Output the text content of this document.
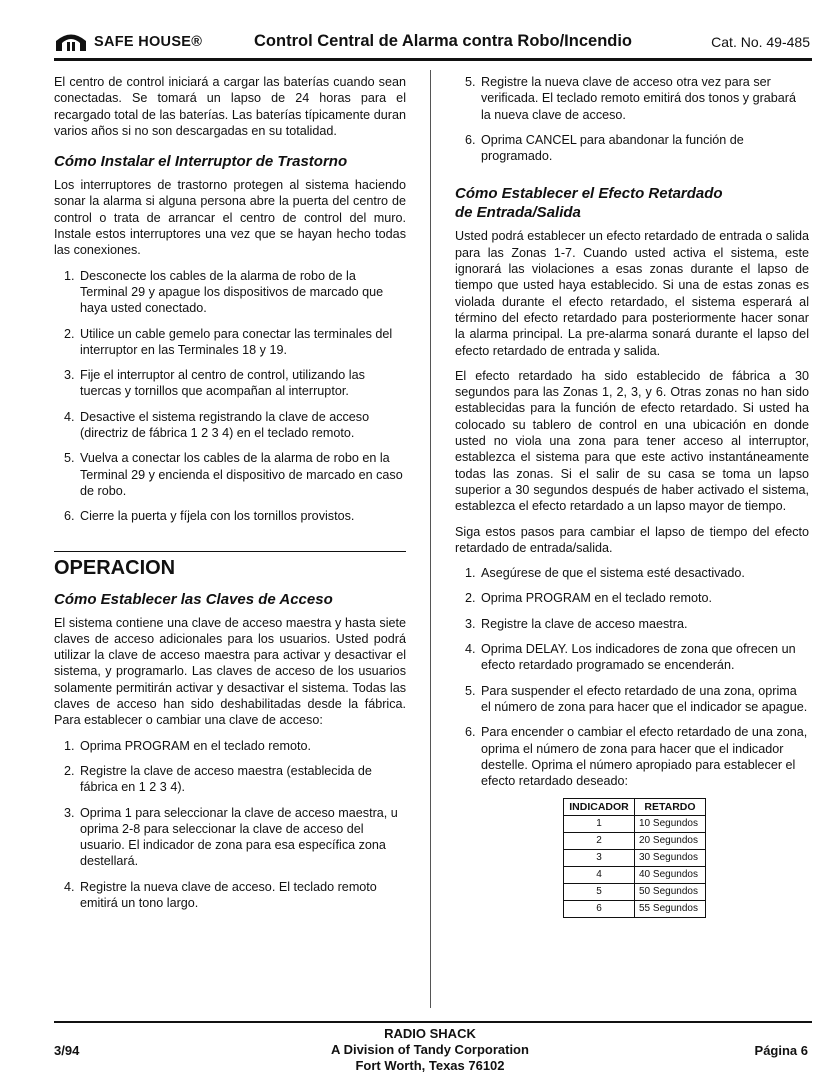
SAFE HOUSE®	Control Central de Alarma contra Robo/Incendio	Cat. No. 49-485

El centro de control iniciará a cargar las baterías cuando sean conectadas. Se tomará un lapso de 24 horas para el recargado total de las baterías. Las baterías típicamente duran varios años si no son descargadas en su totalidad.

Cómo Instalar el Interruptor de Trastorno

Los interruptores de trastorno protegen al sistema haciendo sonar la alarma si alguna persona abre la puerta del centro de control o trata de arrancar el centro de control del muro. Instale estos interruptores una vez que se hayan hecho todas las conexiones.

1. Desconecte los cables de la alarma de robo de la Terminal 29 y apague los dispositivos de marcado que haya usted conectado.
2. Utilice un cable gemelo para conectar las terminales del interruptor en las Terminales 18 y 19.
3. Fije el interruptor al centro de control, utilizando las tuercas y tornillos que acompañan al interruptor.
4. Desactive el sistema registrando la clave de acceso (directriz de fábrica 1 2 3 4) en el teclado remoto.
5. Vuelva a conectar los cables de la alarma de robo en la Terminal 29 y encienda el dispositivo de marcado en caso de robo.
6. Cierre la puerta y fíjela con los tornillos provistos.
OPERACION
Cómo Establecer las Claves de Acceso

El sistema contiene una clave de acceso maestra y hasta siete claves de acceso adicionales para los usuarios. Usted podrá utilizar la clave de acceso maestra para activar y desactivar el sistema, y programarlo. Las claves de acceso de los usuarios solamente permitirán activar y desactivar el sistema. Todas las claves de acceso han sido deshabilitadas desde la fábrica. Para establecer o cambiar una clave de acceso:

1. Oprima PROGRAM en el teclado remoto.
2. Registre la clave de acceso maestra (establecida de fábrica en 1 2 3 4).
3. Oprima 1 para seleccionar la clave de acceso maestra, u oprima 2-8 para seleccionar la clave de acceso del usuario. El indicador de zona para esa específica zona destellará.
4. Registre la nueva clave de acceso. El teclado remoto emitirá un tono largo.
5. Registre la nueva clave de acceso otra vez para ser verificada. El teclado remoto emitirá dos tonos y grabará la nueva clave de acceso.
6. Oprima CANCEL para abandonar la función de programado.
Cómo Establecer el Efecto Retardado
de Entrada/Salida

Usted podrá establecer un efecto retardado de entrada o salida para las Zonas 1-7. Cuando usted activa el sistema, este ignorará las violaciones a esas zonas durante el lapso de tiempo que usted haya establecido. Si una de estas zonas es violada durante el efecto retardado, el sistema esperará al término del efecto retardado para posteriormente hacer sonar la alarma principal. La pre-alarma sonará durante el lapso del efecto retardado de entrada y salida.

El efecto retardado ha sido establecido de fábrica a 30 segundos para las Zonas 1, 2, 3, y 6. Otras zonas no han sido establecidas para la función de efecto retardado. Si usted ha colocado su tablero de control en una ubicación en donde usted no viola una zona para tener acceso al interruptor, establezca el sistema para que este activo instantáneamente todas las zonas. Si el salir de su casa se toma un lapso superior a 30 segundos después de haber activado el sistema, establezca el efecto retardado a un lapso mayor de tiempo.

Siga estos pasos para cambiar el lapso de tiempo del efecto retardado de entrada/salida.

1. Asegúrese de que el sistema esté desactivado.
2. Oprima PROGRAM en el teclado remoto.
3. Registre la clave de acceso maestra.
4. Oprima DELAY. Los indicadores de zona que ofrecen un efecto retardado programado se encenderán.
5. Para suspender el efecto retardado de una zona, oprima el número de zona para hacer que el indicador se apague.
6. Para encender o cambiar el efecto retardado de una zona, oprima el número de zona para hacer que el indicador destelle. Oprima el número apropiado para establecer el efecto retardado deseado:
INDICADOR	RETARDO
1	10 Segundos
2	20 Segundos
3	30 Segundos
4	40 Segundos
5	50 Segundos
6	55 Segundos
3/94
RADIO SHACK
A Division of Tandy Corporation
Fort Worth, Texas 76102
Página 6
